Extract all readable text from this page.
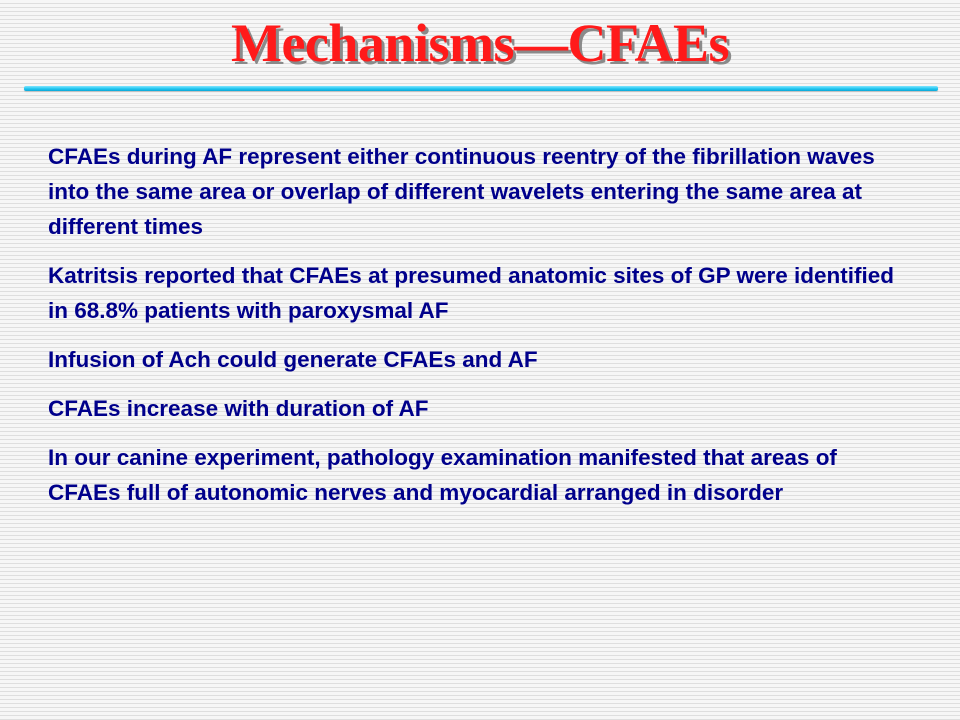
Mechanisms—CFAEs
CFAEs during AF represent either continuous reentry of the fibrillation waves into the same area or overlap of different wavelets entering the same area at different times
Katritsis reported that CFAEs at presumed anatomic sites of GP were identified in 68.8% patients with paroxysmal AF
Infusion of Ach could generate CFAEs and AF
CFAEs increase with duration of AF
In our canine experiment, pathology examination manifested that areas of CFAEs full of autonomic nerves and myocardial arranged in disorder
